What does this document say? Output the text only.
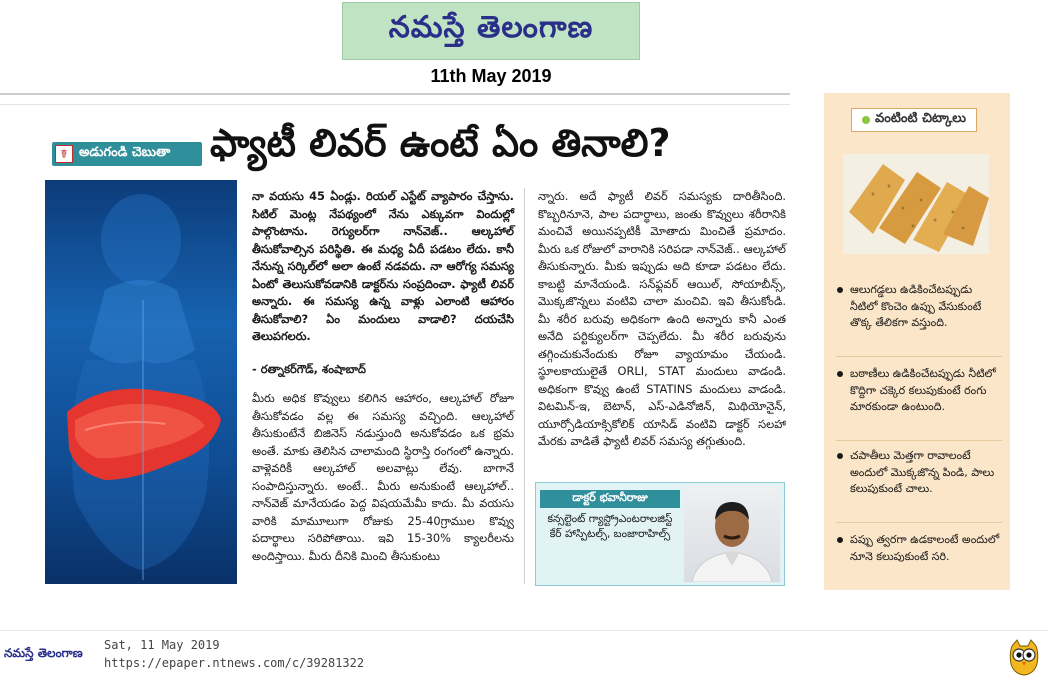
నమస్తే తెలంగాణ
11th May 2019
☤ అడుగండి చెబుతా ఫ్యాటీ లివర్ ఉంటే ఏం తినాలి?
నా వయసు 45 ఏండ్లు. రియల్ ఎస్టేట్ వ్యాపారం చేస్తాను. సిటిల్ మెంట్ల నేపథ్యంలో నేను ఎక్కువగా విందుల్లో పాల్గొంటాను. రెగ్యులర్‌గా నాన్‌వెజ్.. ఆల్కహాల్ తీసుకోవాల్సిన పరిస్థితి. ఈ మధ్య ఏదీ పడటం లేదు. కానీ నేనున్న సర్కిల్‌లో అలా ఉంటే నడవదు. నా ఆరోగ్య సమస్య ఏంటో తెలుసుకోవడానికి డాక్టర్‌ను సంప్రదించా. ఫ్యాటీ లివర్ అన్నారు. ఈ సమస్య ఉన్న వాళ్లు ఎలాంటి ఆహారం తీసుకోవాలి? ఏం మందులు వాడాలి? దయచేసి తెలుపగలరు.
- రత్నాకర్‌గౌడ్, శంషాబాద్
మీరు అధిక కొవ్వులు కలిగిన ఆహారం, ఆల్కహాల్ రోజూ తీసుకోవడం వల్ల ఈ సమస్య వచ్చింది. ఆల్కహాల్ తీసుకుంటేనే బిజినెస్ నడుస్తుంది అనుకోవడం ఒక భ్రమ అంతే. మాకు తెలిసిన చాలామంది స్థిరాస్తి రంగంలో ఉన్నారు. వాళ్లెవరికీ ఆల్కహాల్ అలవాట్లు లేవు. బాగానే సంపాదిస్తున్నారు. అంటే.. మీరు అనుకుంటే ఆల్కహాల్.. నాన్‌వెజ్ మానేయడం పెద్ద విషయమేమీ కాదు. మీ వయసు వారికి మామూలుగా రోజుకు 25-40గ్రాముల కొవ్వు పదార్థాలు సరిపోతాయి. ఇవి 15-30% క్యాలరీలను అందిస్తాయి. మీరు దీనికి మించి తీసుకుంటు
న్నారు. అదే ఫ్యాటీ లివర్ సమస్యకు దారితీసింది. కొబ్బరినూనె, పాల పదార్థాలు, జంతు కొవ్వులు శరీరానికి మంచివే అయినప్పటికీ మోతాదు మించితే ప్రమాదం. మీరు ఒక రోజులో వారానికి సరిపడా నాన్‌వెజ్.. ఆల్కహాల్ తీసుకున్నారు. మీకు ఇప్పుడు అది కూడా పడటం లేదు. కాబట్టి మానేయండి. సన్‌ఫ్లవర్ ఆయిల్, సోయాబీన్స్, మొక్కజొన్నలు వంటివి చాలా మంచివి. ఇవి తీసుకోండి. మీ శరీర బరువు అధికంగా ఉంది అన్నారు కానీ ఎంత అనేది పర్టిక్యులర్‌గా చెప్పలేదు. మీ శరీర బరువును తగ్గించుకునేందుకు రోజూ వ్యాయామం చేయండి. స్థూలకాయులైతే ORLI, STAT మందులు వాడండి. అధికంగా కొవ్వు ఉంటే STATINS మందులు వాడండి. విటమిన్-ఇ, బెటాన్, ఎస్-ఎడినోజిన్, మిథియోనైన్, యూర్సోడియాక్సికోలిక్ యాసిడ్ వంటివి డాక్టర్ సలహా మేరకు వాడితే ఫ్యాటీ లివర్ సమస్య తగ్గుతుంది.
డాక్టర్ భవానీరాజు
కన్సల్టెంట్ గ్యాస్ట్రోఎంటరాలజిస్ట్ కేర్ హాస్పిటల్స్, బంజారాహిల్స్
వంటింటి చిట్కాలు
ఆలుగడ్డలు ఉడికించేటప్పుడు నీటిలో కొంచెం ఉప్పు వేసుకుంటే తొక్క తేలికగా వస్తుంది.
బఠాణీలు ఉడికించేటప్పుడు నీటిలో కొద్దిగా చక్కెర కలుపుకుంటే రంగు మారకుండా ఉంటుంది.
చపాతీలు మెత్తగా రావాలంటే అందులో మొక్కజొన్న పిండి, పాలు కలుపుకుంటే చాలు.
పప్పు త్వరగా ఉడకాలంటే అందులో నూనె కలుపుకుంటే సరి.
నమస్తే తెలంగాణ
Sat, 11 May 2019
https://epaper.ntnews.com/c/39281322
